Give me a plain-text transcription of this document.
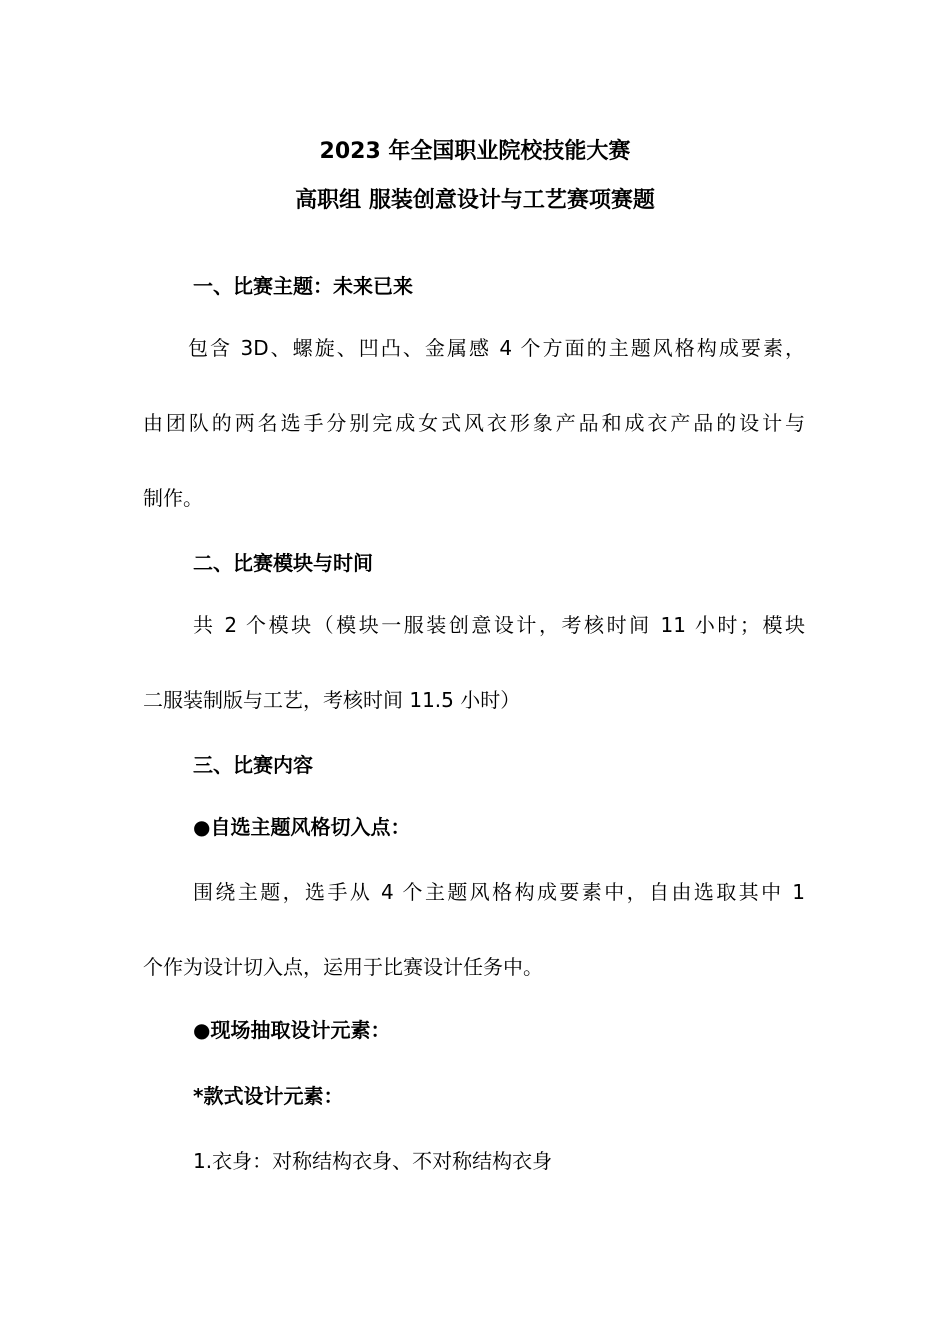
2023 年全国职业院校技能大赛
高职组 服装创意设计与工艺赛项赛题
一、比赛主题：未来已来
包含 3D、螺旋、凹凸、金属感 4 个方面的主题风格构成要素，
由团队的两名选手分别完成女式风衣形象产品和成衣产品的设计与
制作。
二、比赛模块与时间
共 2 个模块（模块一服装创意设计，考核时间 11 小时；模块
二服装制版与工艺，考核时间 11.5 小时）
三、比赛内容
●自选主题风格切入点：
围绕主题，选手从 4 个主题风格构成要素中，自由选取其中 1
个作为设计切入点，运用于比赛设计任务中。
●现场抽取设计元素：
*款式设计元素：
1.衣身：对称结构衣身、不对称结构衣身
